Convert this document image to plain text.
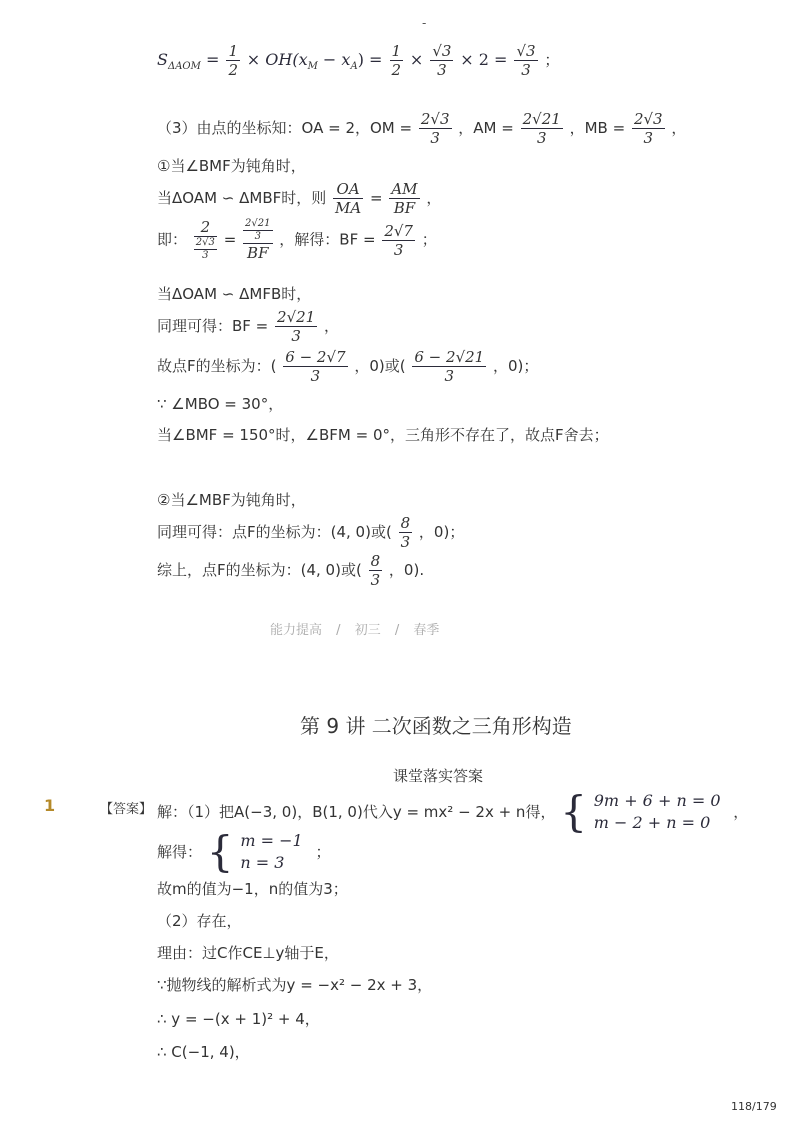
-
$S_{\Delta AOM} = \frac{1}{2} \times OH(x_M - x_A) = \frac{1}{2} \times \frac{√3}{3} \times 2 = \frac{√3}{3}$ ；
（3）由点的坐标知：OA = 2，OM = $\frac{2√3}{3}$ ，AM = $\frac{2√21}{3}$ ，MB = $\frac{2√3}{3}$ ，
①当∠BMF为钝角时，
当ΔOAM ∽ ΔMBF时，则 $\frac{OA}{MA} = \frac{AM}{BF}$ ，
即： $\frac{2}{\frac{2√3}{3}} = \frac{\frac{2√21}{3}}{BF}$ ，解得：BF = $\frac{2√7}{3}$ ；
当ΔOAM ∽ ΔMFB时，
同理可得：BF = $\frac{2√21}{3}$ ，
故点F的坐标为：( $\frac{6 - 2√7}{3}$ ，0)或( $\frac{6 - 2√21}{3}$ ，0)；
∵ ∠MBO = 30°，
当∠BMF = 150°时，∠BFM = 0°，三角形不存在了，故点F舍去；
②当∠MBF为钝角时，
同理可得：点F的坐标为：(4, 0)或( $\frac{8}{3}$ ，0)；
综上，点F的坐标为：(4, 0)或( $\frac{8}{3}$ ，0).
能力提高 / 初三 / 春季
第 9 讲 二次函数之三角形构造
课堂落实答案
1	【答案】 解：（1）把A(−3, 0)，B(1, 0)代入y = mx² − 2x + n得， { 9m + 6 + n = 0
m − 2 + n = 0
，
解得： { m = −1
n = 3
；
故m的值为−1，n的值为3；
（2）存在，
理由：过C作CE⊥y轴于E，
∵抛物线的解析式为y = −x² − 2x + 3，
∴ y = −(x + 1)² + 4，
∴ C(−1, 4)，
118/179
